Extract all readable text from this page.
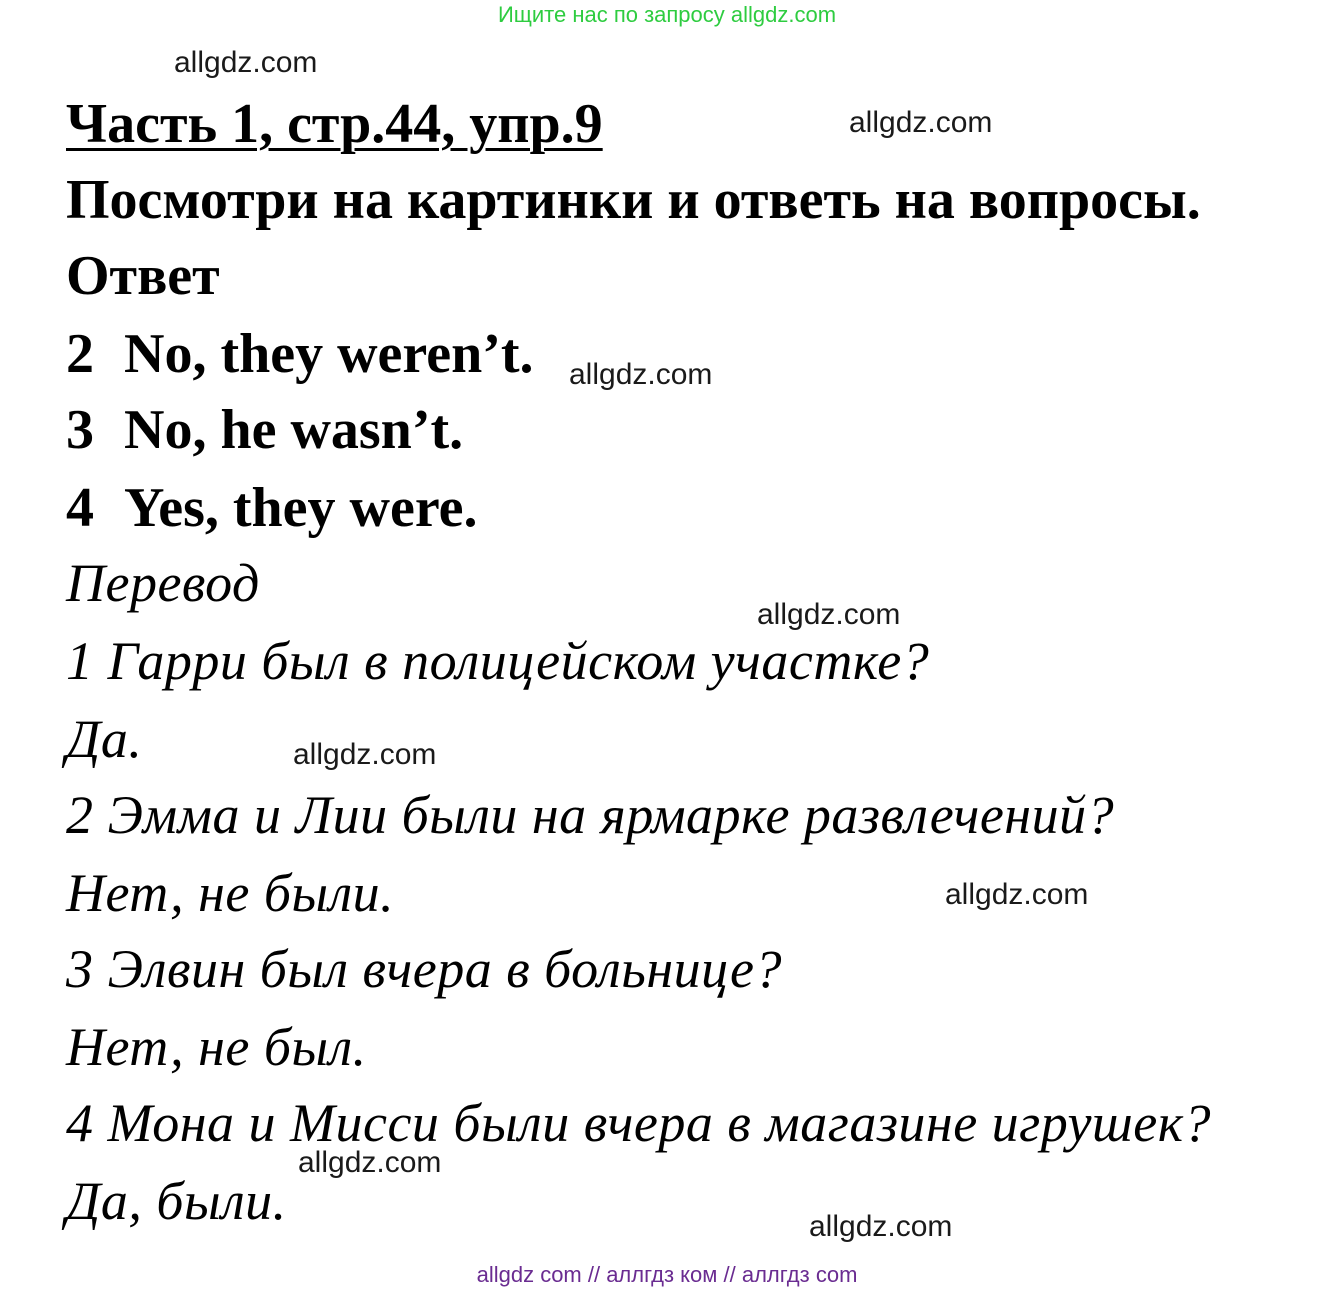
Ищите нас по запросу allgdz.com
allgdz.com
allgdz.com
allgdz.com
allgdz.com
allgdz.com
allgdz.com
allgdz.com
allgdz.com
Часть 1, стр.44, упр.9
Посмотри на картинки и ответь на вопросы.
Ответ
2 No, they weren’t.
3 No, he wasn’t.
4 Yes, they were.
Перевод
1 Гарри был в полицейском участке?
Да.
2 Эмма и Лии были на ярмарке развлечений?
Нет, не были.
3 Элвин был вчера в больнице?
Нет, не был.
4 Мона и Мисси были вчера в магазине игрушек?
Да, были.
allgdz com // аллгдз ком // аллгдз com
